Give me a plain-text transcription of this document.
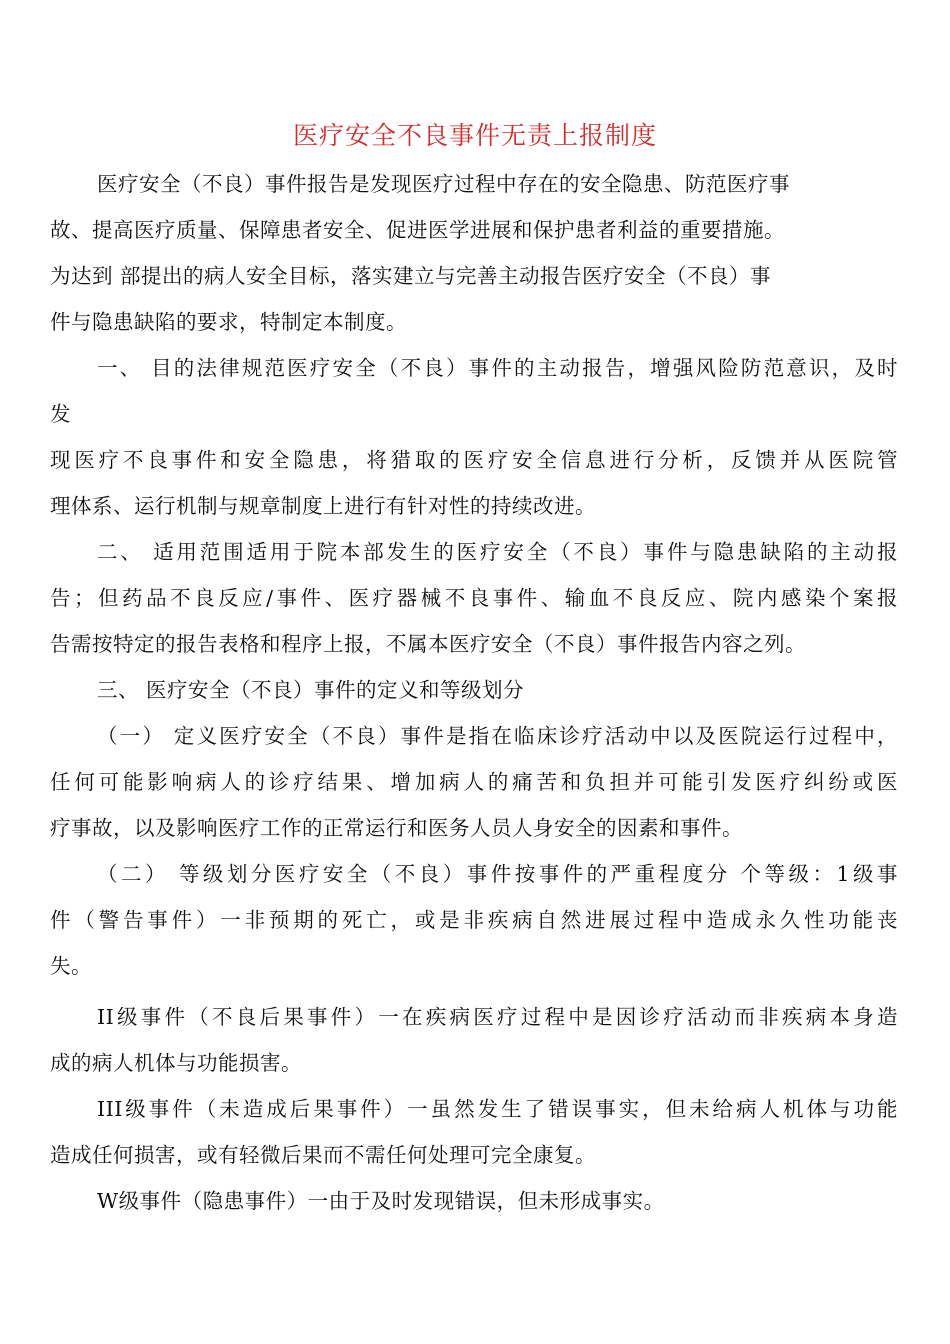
医疗安全不良事件无责上报制度
医疗安全（不良）事件报告是发现医疗过程中存在的安全隐患、防范医疗事
故、提高医疗质量、保障患者安全、促进医学进展和保护患者利益的重要措施。
为达到 部提出的病人安全目标，落实建立与完善主动报告医疗安全（不良）事
件与隐患缺陷的要求，特制定本制度。
一、 目的法律规范医疗安全（不良）事件的主动报告，增强风险防范意识，及时
发
现医疗不良事件和安全隐患，将猎取的医疗安全信息进行分析，反馈并从医院管
理体系、运行机制与规章制度上进行有针对性的持续改进。
二、 适用范围适用于院本部发生的医疗安全（不良）事件与隐患缺陷的主动报
告；但药品不良反应/事件、医疗器械不良事件、输血不良反应、院内感染个案报
告需按特定的报告表格和程序上报，不属本医疗安全（不良）事件报告内容之列。
三、 医疗安全（不良）事件的定义和等级划分
（一） 定义医疗安全（不良）事件是指在临床诊疗活动中以及医院运行过程中，
任何可能影响病人的诊疗结果、增加病人的痛苦和负担并可能引发医疗纠纷或医
疗事故，以及影响医疗工作的正常运行和医务人员人身安全的因素和事件。
（二） 等级划分医疗安全（不良）事件按事件的严重程度分 个等级：1级事
件（警告事件）一非预期的死亡，或是非疾病自然进展过程中造成永久性功能丧
失。
II级事件（不良后果事件）一在疾病医疗过程中是因诊疗活动而非疾病本身造
成的病人机体与功能损害。
III级事件（未造成后果事件）一虽然发生了错误事实，但未给病人机体与功能
造成任何损害，或有轻微后果而不需任何处理可完全康复。
W级事件（隐患事件）一由于及时发现错误，但未形成事实。
